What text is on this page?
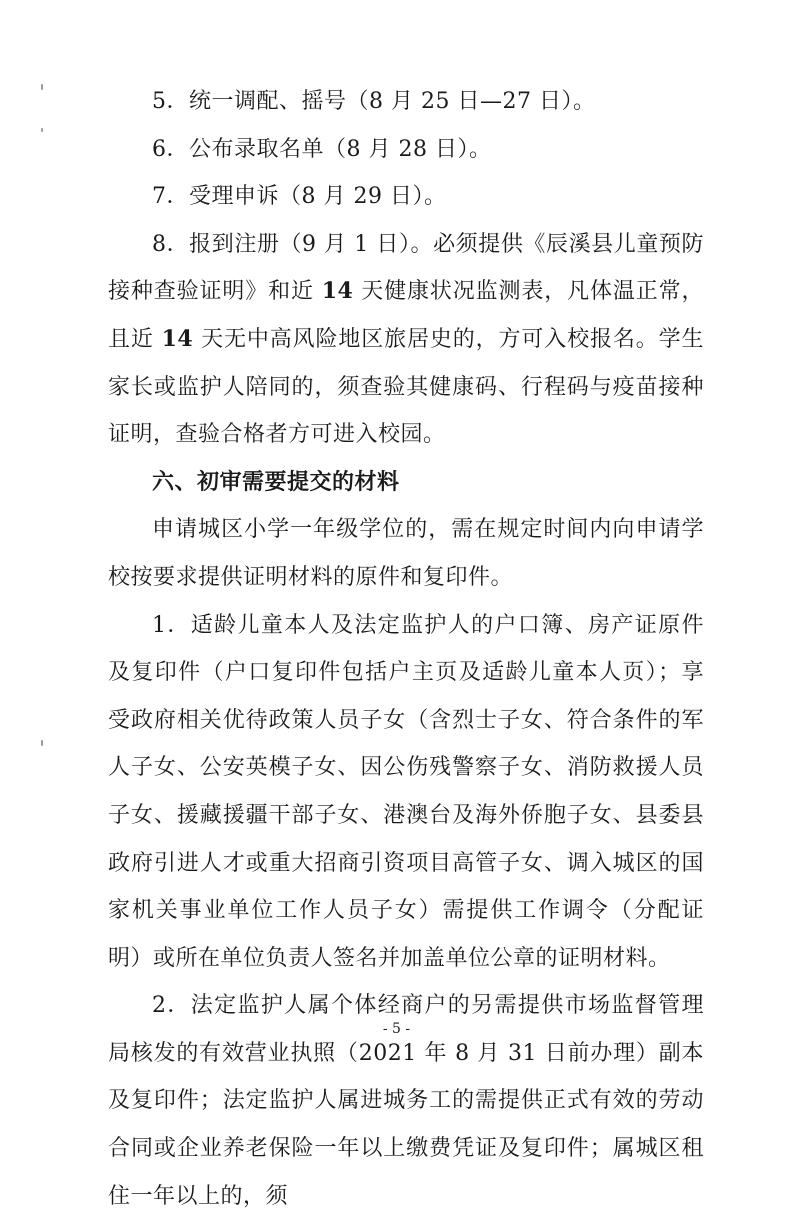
5．统一调配、摇号（8 月 25 日—27 日）。

6．公布录取名单（8 月 28 日）。

7．受理申诉（8 月 29 日）。

8．报到注册（9 月 1 日）。必须提供《辰溪县儿童预防接种查验证明》和近 14 天健康状况监测表，凡体温正常，且近 14 天无中高风险地区旅居史的，方可入校报名。学生家长或监护人陪同的，须查验其健康码、行程码与疫苗接种证明，查验合格者方可进入校园。

六、初审需要提交的材料

申请城区小学一年级学位的，需在规定时间内向申请学校按要求提供证明材料的原件和复印件。

1．适龄儿童本人及法定监护人的户口簿、房产证原件及复印件（户口复印件包括户主页及适龄儿童本人页）；享受政府相关优待政策人员子女（含烈士子女、符合条件的军人子女、公安英模子女、因公伤残警察子女、消防救援人员子女、援藏援疆干部子女、港澳台及海外侨胞子女、县委县政府引进人才或重大招商引资项目高管子女、调入城区的国家机关事业单位工作人员子女）需提供工作调令（分配证明）或所在单位负责人签名并加盖单位公章的证明材料。

2．法定监护人属个体经商户的另需提供市场监督管理局核发的有效营业执照（2021 年 8 月 31 日前办理）副本及复印件；法定监护人属进城务工的需提供正式有效的劳动合同或企业养老保险一年以上缴费凭证及复印件；属城区租住一年以上的，须

- 5 -
